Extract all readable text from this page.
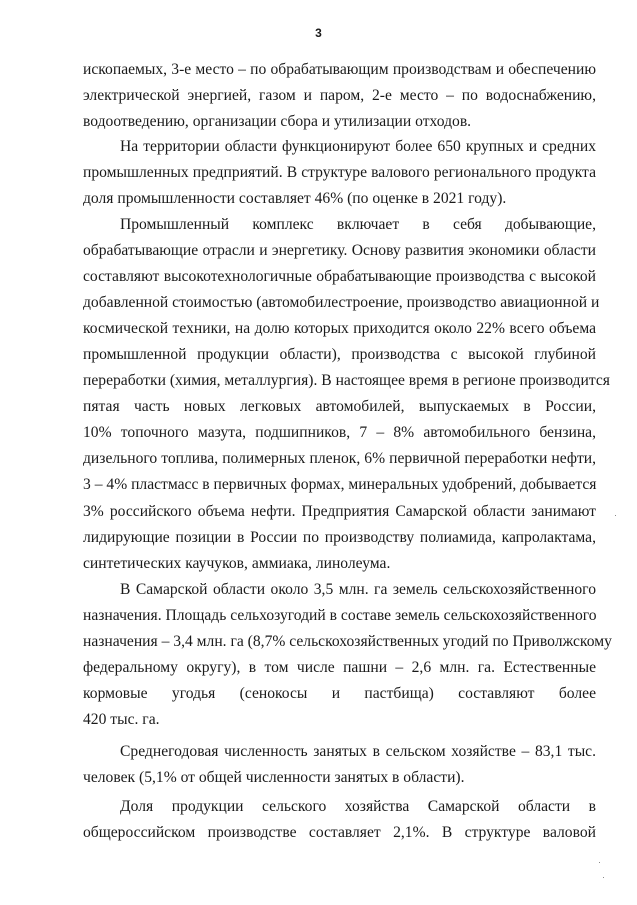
3
ископаемых, 3-е место – по обрабатывающим производствам и обеспечению
электрической энергией, газом и паром, 2-е место – по водоснабжению,
водоотведению, организации сбора и утилизации отходов.
На территории области функционируют более 650 крупных и средних
промышленных предприятий. В структуре валового регионального продукта
доля промышленности составляет 46% (по оценке в 2021 году).
Промышленный комплекс включает в себя добывающие,
обрабатывающие отрасли и энергетику. Основу развития экономики области
составляют высокотехнологичные обрабатывающие производства с высокой
добавленной стоимостью (автомобилестроение, производство авиационной и
космической техники, на долю которых приходится около 22% всего объема
промышленной продукции области), производства с высокой глубиной
переработки (химия, металлургия). В настоящее время в регионе производится
пятая часть новых легковых автомобилей, выпускаемых в России,
10% топочного мазута, подшипников, 7 – 8% автомобильного бензина,
дизельного топлива, полимерных пленок, 6% первичной переработки нефти,
3 – 4% пластмасс в первичных формах, минеральных удобрений, добывается
3% российского объема нефти. Предприятия Самарской области занимают
лидирующие позиции в России по производству полиамида, капролактама,
синтетических каучуков, аммиака, линолеума.
В Самарской области около 3,5 млн. га земель сельскохозяйственного
назначения. Площадь сельхозугодий в составе земель сельскохозяйственного
назначения – 3,4 млн. га (8,7% сельскохозяйственных угодий по Приволжскому
федеральному округу), в том числе пашни – 2,6 млн. га. Естественные
кормовые угодья (сенокосы и пастбища) составляют более
420 тыс. га.
Среднегодовая численность занятых в сельском хозяйстве – 83,1 тыс.
человек (5,1% от общей численности занятых в области).
Доля продукции сельского хозяйства Самарской области в
общероссийском производстве составляет 2,1%. В структуре валовой
